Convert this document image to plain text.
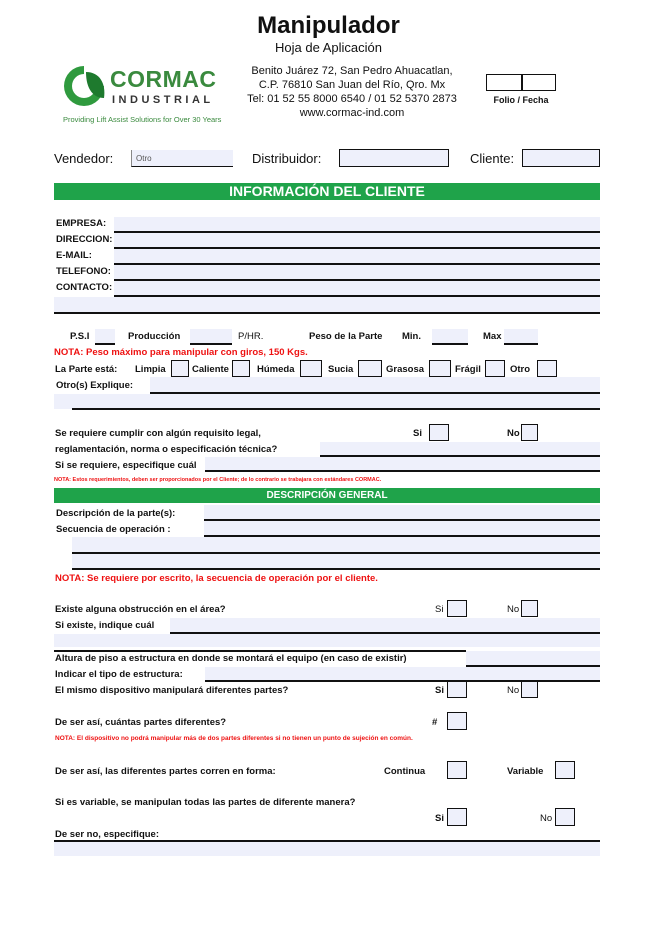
Manipulador
Hoja de Aplicación
CORMAC
INDUSTRIAL
Providing Lift Assist Solutions for Over 30 Years
Benito Juárez 72, San Pedro Ahuacatlan,
C.P. 76810 San Juan del Río, Qro. Mx
Tel: 01 52 55 8000 6540 / 01 52 5370 2873
www.cormac-ind.com
Folio / Fecha
Vendedor:	Otro	Distribuidor:	Cliente:
INFORMACIÓN DEL CLIENTE
EMPRESA:
DIRECCION:
E-MAIL:
TELEFONO:
CONTACTO:
P.S.I	Producción	P/HR.	Peso de la Parte Min.	Max
NOTA: Peso máximo para manipular con giros, 150 Kgs.
La Parte está: Limpia	Caliente	Húmeda	Sucia	Grasosa	Frágil	Otro
Otro(s) Explique:
Se requiere cumplir con algún requisito legal,	Si	No
reglamentación, norma o especificación técnica?
Si se requiere, especifique cuál
NOTA: Estos requerimientos, deben ser proporcionados por el Cliente; de lo contrario se trabajara con estándares CORMAC.
DESCRIPCIÓN GENERAL
Descripción de la parte(s):
Secuencia de operación :
NOTA: Se requiere por escrito, la secuencia de operación por el cliente.
Existe alguna obstrucción en el área?	Si	No
Si existe, indique cuál
Altura de piso a estructura en donde se montará el equipo (en caso de existir)
Indicar el tipo de estructura:
El mismo dispositivo manipulará diferentes partes?	Si	No
De ser así, cuántas partes diferentes?	#
NOTA: El dispositivo no podrá manipular más de dos partes diferentes si no tienen un punto de sujeción en común.
De ser así, las diferentes partes corren en forma:	Continua	Variable
Si es variable, se manipulan todas las partes de diferente manera?
Si	No
De ser no, especifique:
